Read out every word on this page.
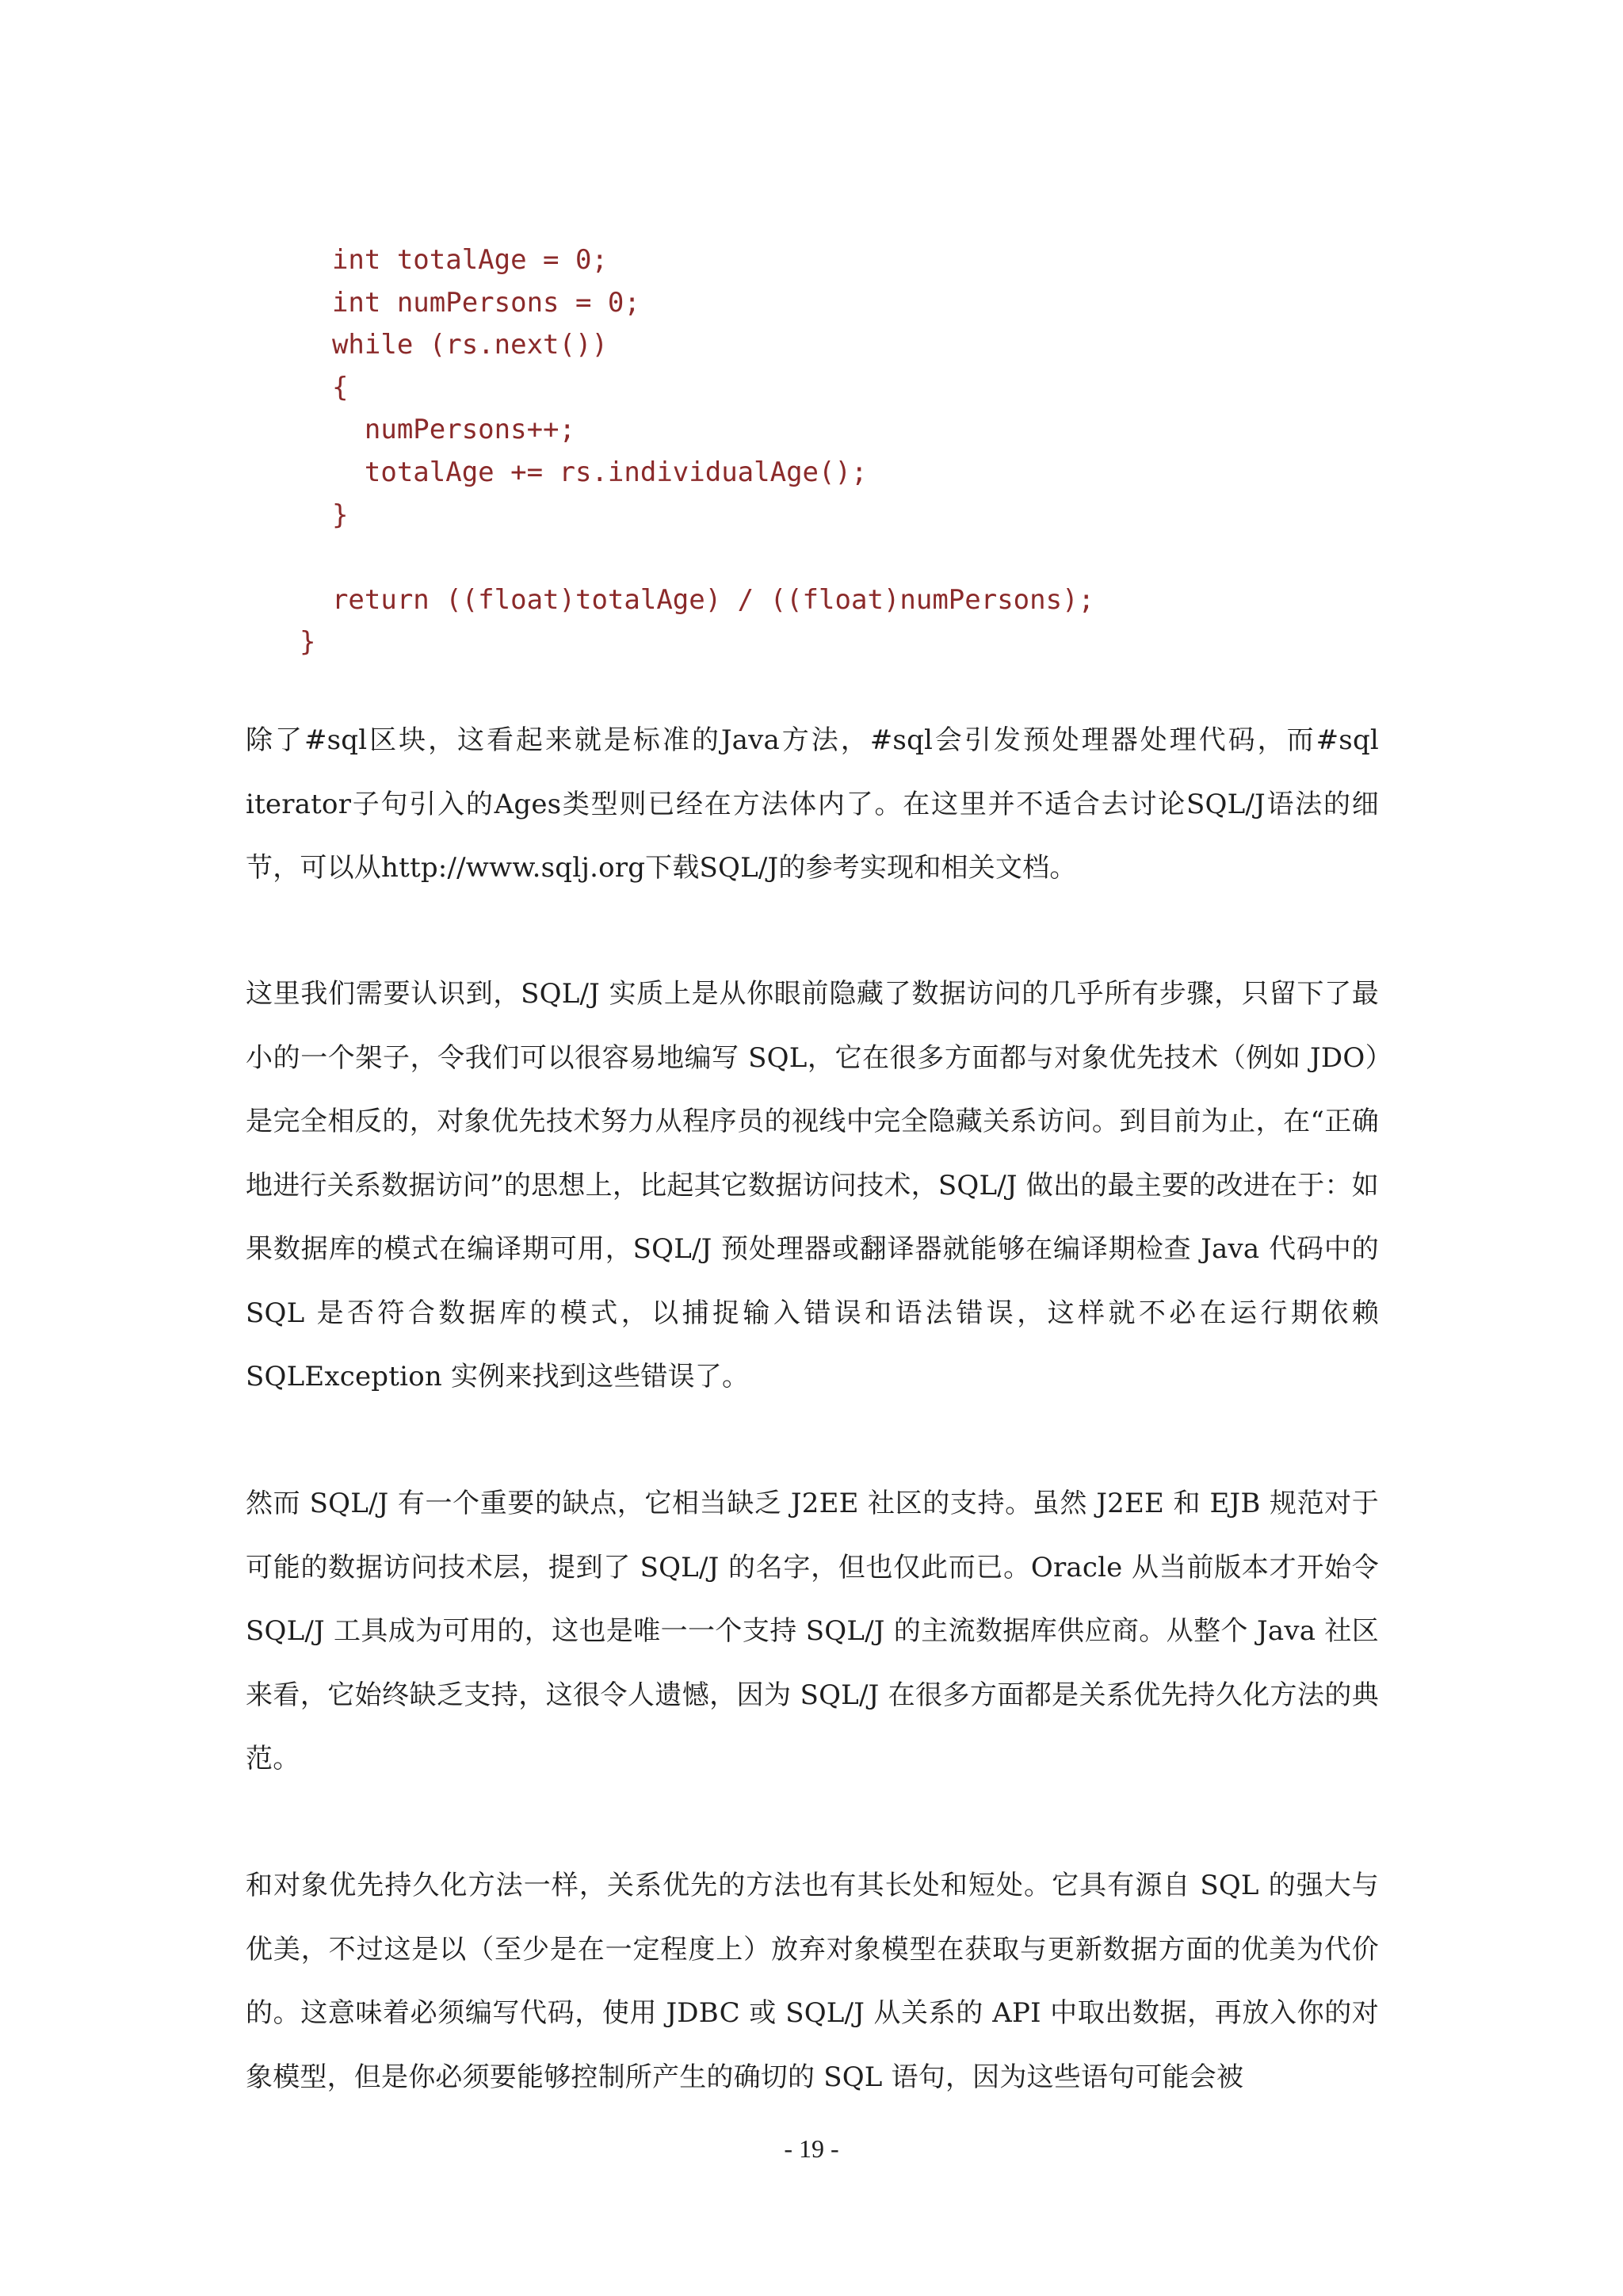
int totalAge = 0;
int numPersons = 0;
while (rs.next())
{
numPersons++;
totalAge += rs.individualAge();
}
return ((float)totalAge) / ((float)numPersons);
}

除了#sql区块，这看起来就是标准的Java方法，#sql会引发预处理器处理代码，而#sql iterator子句引入的Ages类型则已经在方法体内了。在这里并不适合去讨论SQL/J语法的细节，可以从http://www.sqlj.org下载SQL/J的参考实现和相关文档。

这里我们需要认识到，SQL/J 实质上是从你眼前隐藏了数据访问的几乎所有步骤，只留下了最小的一个架子，令我们可以很容易地编写 SQL，它在很多方面都与对象优先技术（例如 JDO）是完全相反的，对象优先技术努力从程序员的视线中完全隐藏关系访问。到目前为止，在“正确地进行关系数据访问”的思想上，比起其它数据访问技术，SQL/J 做出的最主要的改进在于：如果数据库的模式在编译期可用，SQL/J 预处理器或翻译器就能够在编译期检查 Java 代码中的 SQL 是否符合数据库的模式，以捕捉输入错误和语法错误，这样就不必在运行期依赖 SQLException 实例来找到这些错误了。

然而 SQL/J 有一个重要的缺点，它相当缺乏 J2EE 社区的支持。虽然 J2EE 和 EJB 规范对于可能的数据访问技术层，提到了 SQL/J 的名字，但也仅此而已。Oracle 从当前版本才开始令 SQL/J 工具成为可用的，这也是唯一一个支持 SQL/J 的主流数据库供应商。从整个 Java 社区来看，它始终缺乏支持，这很令人遗憾，因为 SQL/J 在很多方面都是关系优先持久化方法的典范。

和对象优先持久化方法一样，关系优先的方法也有其长处和短处。它具有源自 SQL 的强大与优美，不过这是以（至少是在一定程度上）放弃对象模型在获取与更新数据方面的优美为代价的。这意味着必须编写代码，使用 JDBC 或 SQL/J 从关系的 API 中取出数据，再放入你的对象模型，但是你必须要能够控制所产生的确切的 SQL 语句，因为这些语句可能会被

- 19 -
